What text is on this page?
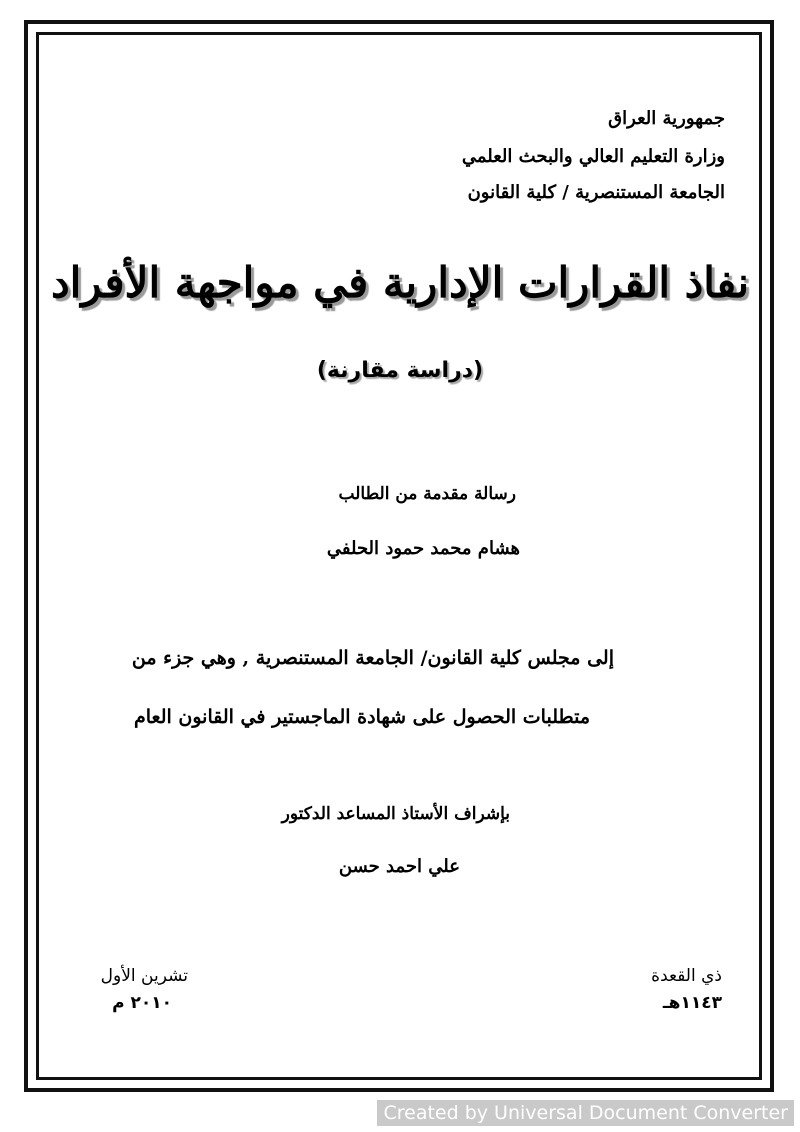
جمهورية العراق
وزارة التعليم العالي والبحث العلمي
الجامعة المستنصرية / كلية القانون
نفاذ القرارات الإدارية في مواجهة الأفراد
(دراسة مقارنة)
رسالة مقدمة من الطالب
هشام محمد حمود الحلفي
إلى مجلس كلية القانون/ الجامعة المستنصرية , وهي جزء من
متطلبات الحصول على شهادة الماجستير في القانون العام
بإشراف الأستاذ المساعد الدكتور
علي احمد حسن
ذي القعدة
١١٤٣هـ
تشرين الأول
٢٠١٠ م
Created by Universal Document Converter
